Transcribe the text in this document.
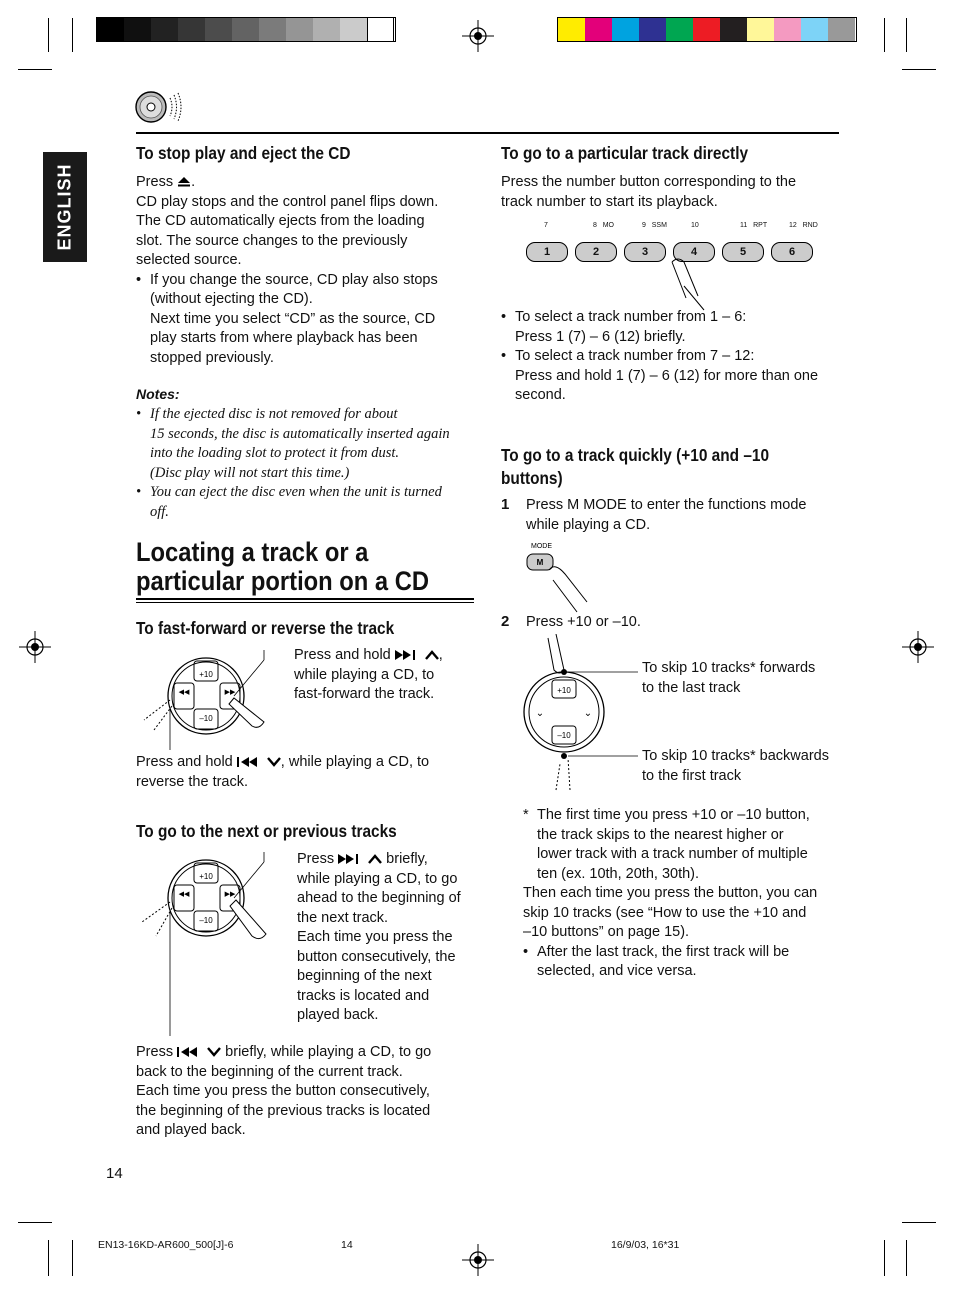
ENGLISH
To stop play and eject the CD
Press .
CD play stops and the control panel flips down.
The CD automatically ejects from the loading
slot. The source changes to the previously
selected source.
• If you change the source, CD play also stops
(without ejecting the CD).
Next time you select “CD” as the source, CD
play starts from where playback has been
stopped previously.
Notes:
• If the ejected disc is not removed for about
15 seconds, the disc is automatically inserted again
into the loading slot to protect it from dust.
(Disc play will not start this time.)
• You can eject the disc even when the unit is turned
off.
Locating a track or a
particular portion on a CD
To fast-forward or reverse the track
+10
–10
◀◀	▶▶
Press and hold	,
while playing a CD, to
fast-forward the track.
Press and hold	, while playing a CD, to
reverse the track.
To go to the next or previous tracks
+10
–10
◀◀	▶▶
Press	briefly,
while playing a CD, to go
ahead to the beginning of
the next track.
Each time you press the
button consecutively, the
beginning of the next
tracks is located and
played back.
Press	briefly, while playing a CD, to go
back to the beginning of the current track.
Each time you press the button consecutively,
the beginning of the previous tracks is located
and played back.
To go to a particular track directly
Press the number button corresponding to the
track number to start its playback.
7	8   MO	9   SSM	10	11   RPT	12   RND
1	2	3	4	5	6
• To select a track number from 1 – 6:
Press 1 (7) – 6 (12) briefly.
• To select a track number from 7 – 12:
Press and hold 1 (7) – 6 (12) for more than one
second.
To go to a track quickly (+10 and –10
buttons)
1 Press M MODE to enter the functions mode
while playing a CD.
MODE
M
2 Press +10 or –10.
+10
–10
⌄	⌄
To skip 10 tracks* forwards
to the last track
To skip 10 tracks* backwards
to the first track
* The first time you press +10 or –10 button,
the track skips to the nearest higher or
lower track with a track number of multiple
ten (ex. 10th, 20th, 30th).
Then each time you press the button, you can
skip 10 tracks (see “How to use the +10 and
–10 buttons” on page 15).
• After the last track, the first track will be
selected, and vice versa.
14
EN13-16KD-AR600_500[J]-6	14	16/9/03, 16*31
